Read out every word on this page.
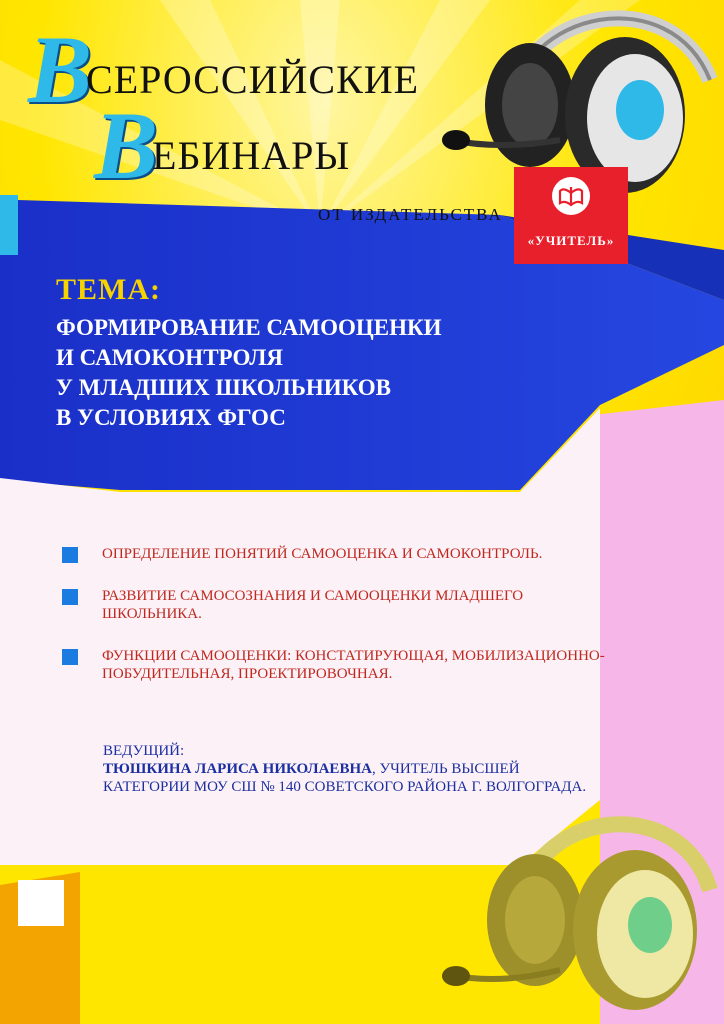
В
СЕРОССИЙСКИЕ
В
ЕБИНАРЫ
ОТ ИЗДАТЕЛЬСТВА
«УЧИТЕЛЬ»
ТЕМА:
ФОРМИРОВАНИЕ САМООЦЕНКИ
И САМОКОНТРОЛЯ
У МЛАДШИХ ШКОЛЬНИКОВ
В УСЛОВИЯХ ФГОС
ОПРЕДЕЛЕНИЕ ПОНЯТИЙ САМООЦЕНКА И САМОКОНТРОЛЬ.
РАЗВИТИЕ САМОСОЗНАНИЯ И САМООЦЕНКИ МЛАДШЕГО ШКОЛЬНИКА.
ФУНКЦИИ САМООЦЕНКИ: КОНСТАТИРУЮЩАЯ, МОБИЛИЗАЦИОННО-ПОБУДИТЕЛЬНАЯ, ПРОЕКТИРОВОЧНАЯ.
ВЕДУЩИЙ:
ТЮШКИНА ЛАРИСА НИКОЛАЕВНА, УЧИТЕЛЬ ВЫСШЕЙ КАТЕГОРИИ МОУ СШ № 140 СОВЕТСКОГО РАЙОНА Г. ВОЛГОГРАДА.
